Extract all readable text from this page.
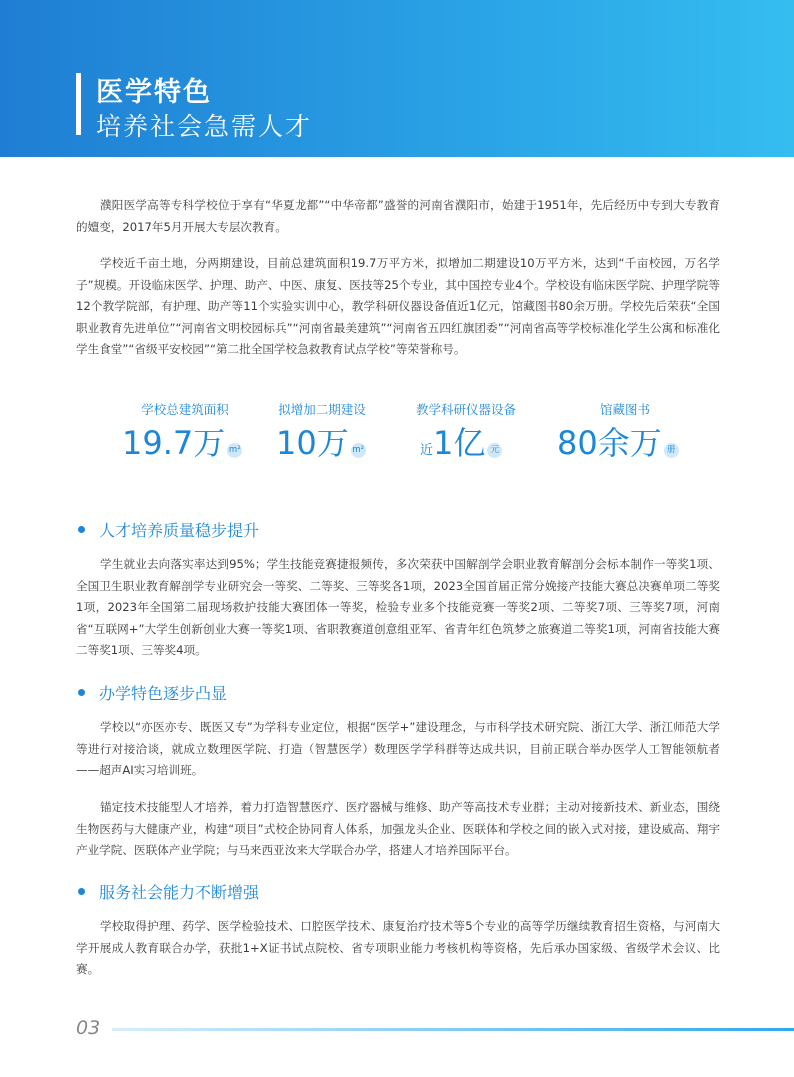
医学特色
培养社会急需人才
濮阳医学高等专科学校位于享有“华夏龙都”“中华帝都”盛誉的河南省濮阳市，始建于1951年，先后经历中专到大专教育的嬗变，2017年5月开展大专层次教育。
学校近千亩土地，分两期建设，目前总建筑面积19.7万平方米，拟增加二期建设10万平方米，达到“千亩校园，万名学子”规模。开设临床医学、护理、助产、中医、康复、医技等25个专业，其中国控专业4个。学校设有临床医学院、护理学院等12个教学院部，有护理、助产等11个实验实训中心，教学科研仪器设备值近1亿元，馆藏图书80余万册。学校先后荣获“全国职业教育先进单位”“河南省文明校园标兵”“河南省最美建筑”“河南省五四红旗团委”“河南省高等学校标准化学生公寓和标准化学生食堂”“省级平安校园”“第二批全国学校急救教育试点学校”等荣誉称号。
学校总建筑面积
19.7万 m²
拟增加二期建设
10万 m²
教学科研仪器设备
近1亿 元
馆藏图书
80余万 册
人才培养质量稳步提升
学生就业去向落实率达到95%；学生技能竞赛捷报频传，多次荣获中国解剖学会职业教育解剖分会标本制作一等奖1项、全国卫生职业教育解剖学专业研究会一等奖、二等奖、三等奖各1项，2023全国首届正常分娩接产技能大赛总决赛单项二等奖1项，2023年全国第二届现场救护技能大赛团体一等奖，检验专业多个技能竞赛一等奖2项、二等奖7项、三等奖7项，河南省“互联网+”大学生创新创业大赛一等奖1项、省职教赛道创意组亚军、省青年红色筑梦之旅赛道二等奖1项，河南省技能大赛二等奖1项、三等奖4项。
办学特色逐步凸显
学校以“亦医亦专、既医又专”为学科专业定位，根据“医学+”建设理念，与市科学技术研究院、浙江大学、浙江师范大学等进行对接洽谈，就成立数理医学院、打造（智慧医学）数理医学学科群等达成共识，目前正联合举办医学人工智能领航者——超声AI实习培训班。
锚定技术技能型人才培养，着力打造智慧医疗、医疗器械与维修、助产等高技术专业群；主动对接新技术、新业态，围绕生物医药与大健康产业，构建“项目”式校企协同育人体系，加强龙头企业、医联体和学校之间的嵌入式对接，建设威高、翔宇产业学院、医联体产业学院；与马来西亚汝来大学联合办学，搭建人才培养国际平台。
服务社会能力不断增强
学校取得护理、药学、医学检验技术、口腔医学技术、康复治疗技术等5个专业的高等学历继续教育招生资格，与河南大学开展成人教育联合办学，获批1+X证书试点院校、省专项职业能力考核机构等资格，先后承办国家级、省级学术会议、比赛。
03
